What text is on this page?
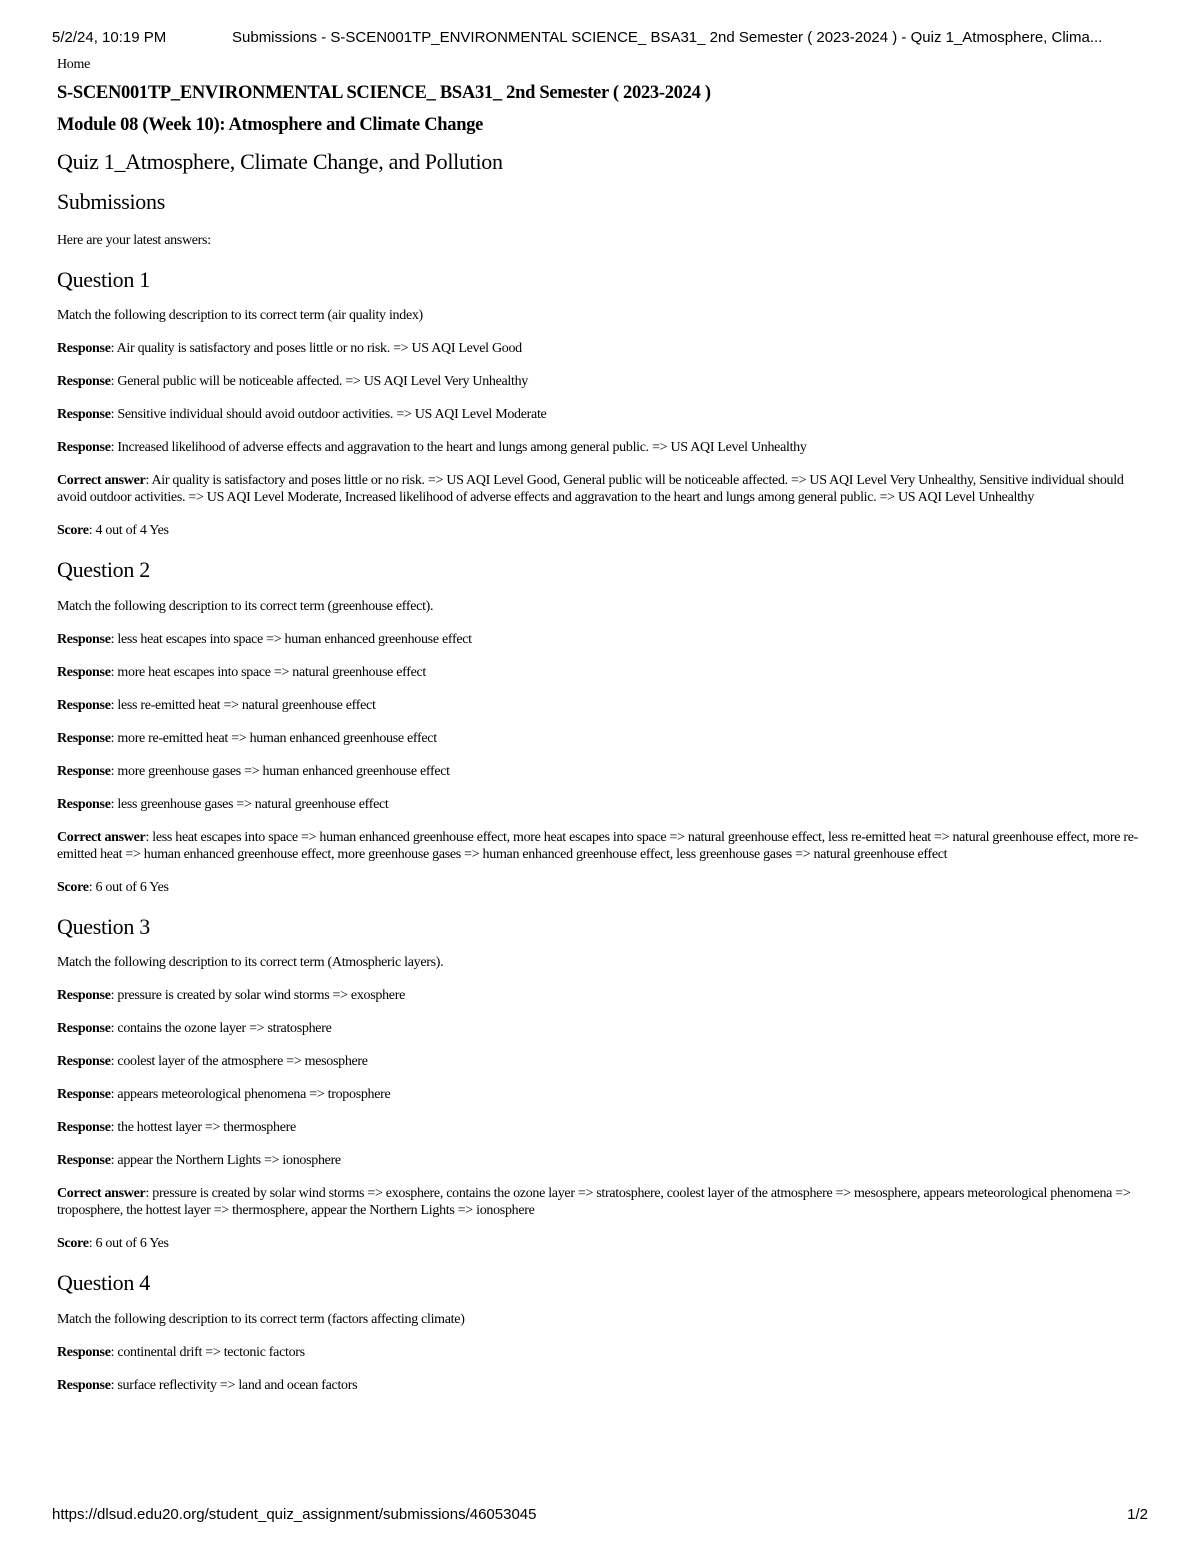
5/2/24, 10:19 PM	Submissions - S-SCEN001TP_ENVIRONMENTAL SCIENCE_ BSA31_ 2nd Semester ( 2023-2024 ) - Quiz 1_Atmosphere, Clima...
Home
S-SCEN001TP_ENVIRONMENTAL SCIENCE_ BSA31_ 2nd Semester ( 2023-2024 )
Module 08 (Week 10): Atmosphere and Climate Change
Quiz 1_Atmosphere, Climate Change, and Pollution
Submissions

Here are your latest answers:

Question 1

Match the following description to its correct term (air quality index)

Response: Air quality is satisfactory and poses little or no risk. => US AQI Level Good

Response: General public will be noticeable affected. => US AQI Level Very Unhealthy

Response: Sensitive individual should avoid outdoor activities. => US AQI Level Moderate

Response: Increased likelihood of adverse effects and aggravation to the heart and lungs among general public. => US AQI Level Unhealthy

Correct answer: Air quality is satisfactory and poses little or no risk. => US AQI Level Good, General public will be noticeable affected. => US AQI Level Very Unhealthy, Sensitive individual should avoid outdoor activities. => US AQI Level Moderate, Increased likelihood of adverse effects and aggravation to the heart and lungs among general public. => US AQI Level Unhealthy

Score: 4 out of 4 Yes

Question 2

Match the following description to its correct term (greenhouse effect).

Response: less heat escapes into space => human enhanced greenhouse effect

Response: more heat escapes into space => natural greenhouse effect

Response: less re-emitted heat => natural greenhouse effect

Response: more re-emitted heat => human enhanced greenhouse effect

Response: more greenhouse gases => human enhanced greenhouse effect

Response: less greenhouse gases => natural greenhouse effect

Correct answer: less heat escapes into space => human enhanced greenhouse effect, more heat escapes into space => natural greenhouse effect, less re-emitted heat => natural greenhouse effect, more re-emitted heat => human enhanced greenhouse effect, more greenhouse gases => human enhanced greenhouse effect, less greenhouse gases => natural greenhouse effect

Score: 6 out of 6 Yes

Question 3

Match the following description to its correct term (Atmospheric layers).

Response: pressure is created by solar wind storms => exosphere

Response: contains the ozone layer => stratosphere

Response: coolest layer of the atmosphere => mesosphere

Response: appears meteorological phenomena => troposphere

Response: the hottest layer => thermosphere

Response: appear the Northern Lights => ionosphere

Correct answer: pressure is created by solar wind storms => exosphere, contains the ozone layer => stratosphere, coolest layer of the atmosphere => mesosphere, appears meteorological phenomena => troposphere, the hottest layer => thermosphere, appear the Northern Lights => ionosphere

Score: 6 out of 6 Yes

Question 4

Match the following description to its correct term (factors affecting climate)

Response: continental drift => tectonic factors

Response: surface reflectivity => land and ocean factors

https://dlsud.edu20.org/student_quiz_assignment/submissions/46053045	1/2
